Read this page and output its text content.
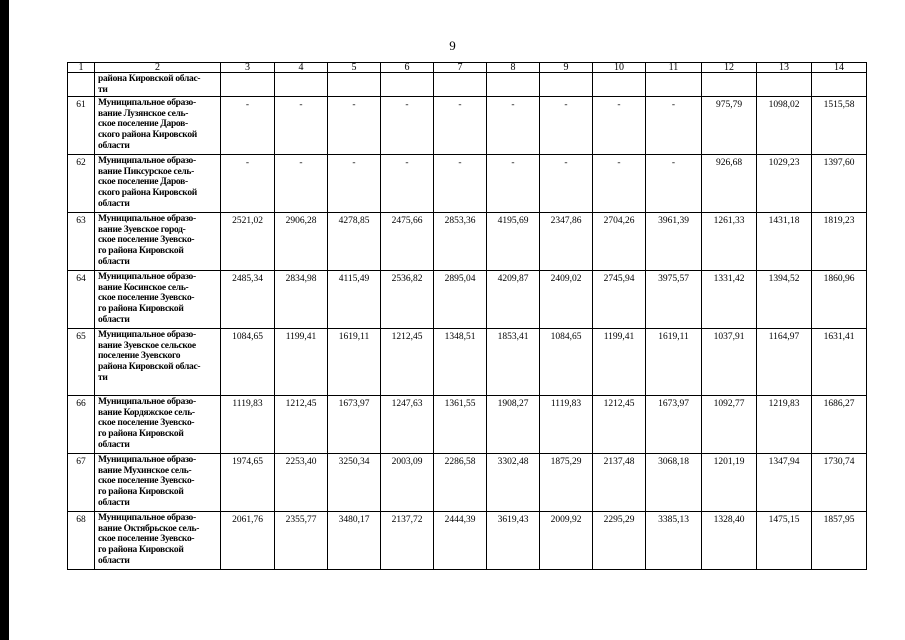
9
1	2	3	4	5	6	7	8	9	10	11	12	13	14

	района Кировской облас-
ти												

61	Муниципальное образо-
вание Лузянское сель-
ское поселение Даров-
ского района Кировской
области	-	-	-	-	-	-	-	-	-	975,79	1098,02	1515,58
62	Муниципальное образо-
вание Пиксурское сель-
ское поселение Даров-
ского района Кировской
области	-	-	-	-	-	-	-	-	-	926,68	1029,23	1397,60
63	Муниципальное образо-
вание Зуевское город-
ское поселение Зуевско-
го района Кировской
области	2521,02	2906,28	4278,85	2475,66	2853,36	4195,69	2347,86	2704,26	3961,39	1261,33	1431,18	1819,23
64	Муниципальное образо-
вание Косинское сель-
ское поселение Зуевско-
го района Кировской
области	2485,34	2834,98	4115,49	2536,82	2895,04	4209,87	2409,02	2745,94	3975,57	1331,42	1394,52	1860,96
65	Муниципальное образо-
вание Зуевское сельское
поселение Зуевского
района Кировской облас-
ти	1084,65	1199,41	1619,11	1212,45	1348,51	1853,41	1084,65	1199,41	1619,11	1037,91	1164,97	1631,41
66	Муниципальное образо-
вание Кордяжское сель-
ское поселение Зуевско-
го района Кировской
области	1119,83	1212,45	1673,97	1247,63	1361,55	1908,27	1119,83	1212,45	1673,97	1092,77	1219,83	1686,27
67	Муниципальное образо-
вание Мухинское сель-
ское поселение Зуевско-
го района Кировской
области	1974,65	2253,40	3250,34	2003,09	2286,58	3302,48	1875,29	2137,48	3068,18	1201,19	1347,94	1730,74
68	Муниципальное образо-
вание Октябрьское сель-
ское поселение Зуевско-
го района Кировской
области	2061,76	2355,77	3480,17	2137,72	2444,39	3619,43	2009,92	2295,29	3385,13	1328,40	1475,15	1857,95
